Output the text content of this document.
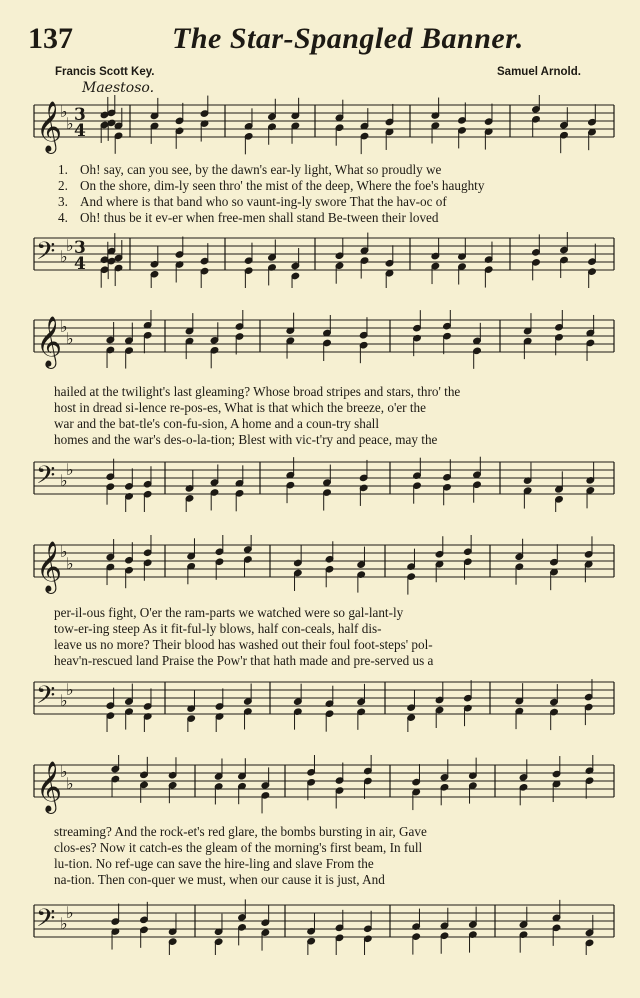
137	The Star-Spangled Banner.
Francis Scott Key.	Samuel Arnold.
Maestoso.
𝄞
♭
♭ 3
4
1. Oh! say, can you see, by the dawn's ear-ly light, What so proudly we
2. On the shore, dim-ly seen thro' the mist of the deep, Where the foe's haughty
3. And where is that band who so vaunt-ing-ly swore That the hav-oc of
4. Oh! thus be it ev-er when free-men shall stand Be-tween their loved
𝄢 ♭
♭ 3
4
𝄞
♭
♭
hailed at the twilight's last gleaming? Whose broad stripes and stars, thro' the
host in dread si-lence re-pos-es, What is that which the breeze, o'er the
war and the bat-tle's con-fu-sion, A home and a coun-try shall
homes and the war's des-o-la-tion; Blest with vic-t'ry and peace, may the
𝄢 ♭
♭
𝄞
♭
♭
per-il-ous fight, O'er the ram-parts we watched were so gal-lant-ly
tow-er-ing steep As it fit-ful-ly blows, half con-ceals, half dis-
leave us no more? Their blood has washed out their foul foot-steps' pol-
heav'n-rescued land Praise the Pow'r that hath made and pre-served us a
𝄢 ♭
♭
𝄞
♭
♭
streaming? And the rock-et's red glare, the bombs bursting in air, Gave
clos-es? Now it catch-es the gleam of the morning's first beam, In full
lu-tion. No ref-uge can save the hire-ling and slave From the
na-tion. Then con-quer we must, when our cause it is just, And
𝄢 ♭
♭
